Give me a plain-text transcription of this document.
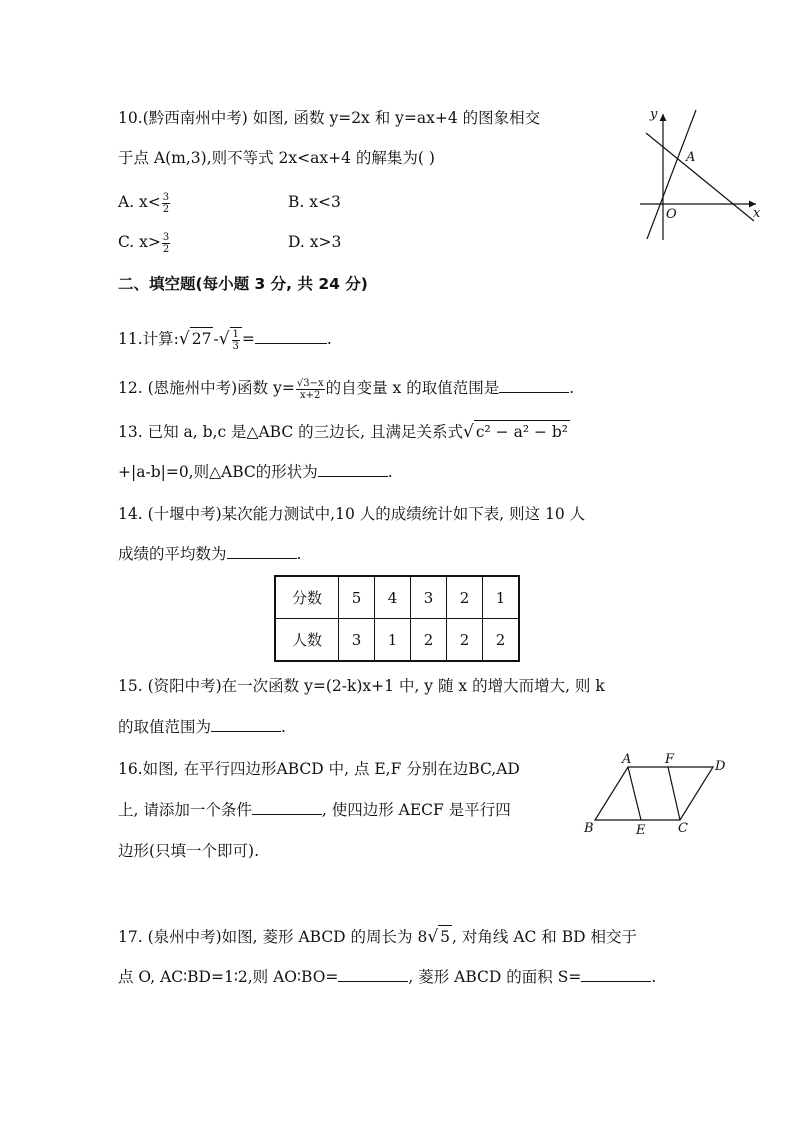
10.(黔西南州中考) 如图, 函数 y=2x 和 y=ax+4 的图象相交
于点 A(m,3),则不等式 2x<ax+4 的解集为( )
A. $x< \frac{3}{2}$	B. x<3
C. $x> \frac{3}{2}$	D. x>3
y
A
O	x
二、填空题(每小题 3 分, 共 24 分)
11.计算:√ 27 -√ $\frac{1}{3}$ =	.
12. (恩施州中考)函数 $y= \frac{√3-x}{x+2}$ 的自变量 x 的取值范围是	.
13. 已知 a, b,c 是△ABC 的三边长, 且满足关系式√ c² − a² − b²
+|a-b|=0,则△ABC的形状为	.
14. (十堰中考)某次能力测试中,10 人的成绩统计如下表, 则这 10 人
成绩的平均数为	.
分数	5	4	3	2	1
人数	3	1	2	2	2
15. (资阳中考)在一次函数 y=(2-k)x+1 中, y 随 x 的增大而增大, 则 k
的取值范围为	.
16.如图, 在平行四边形ABCD 中, 点 E,F 分别在边BC,AD
上, 请添加一个条件	, 使四边形 AECF 是平行四
边形(只填一个即可).
A	F	D
B	E	C
17. (泉州中考)如图, 菱形 ABCD 的周长为 8√ 5 , 对角线 AC 和 BD 相交于
点 O, AC∶BD=1∶2,则 AO∶BO=	, 菱形 ABCD 的面积 S=	.
